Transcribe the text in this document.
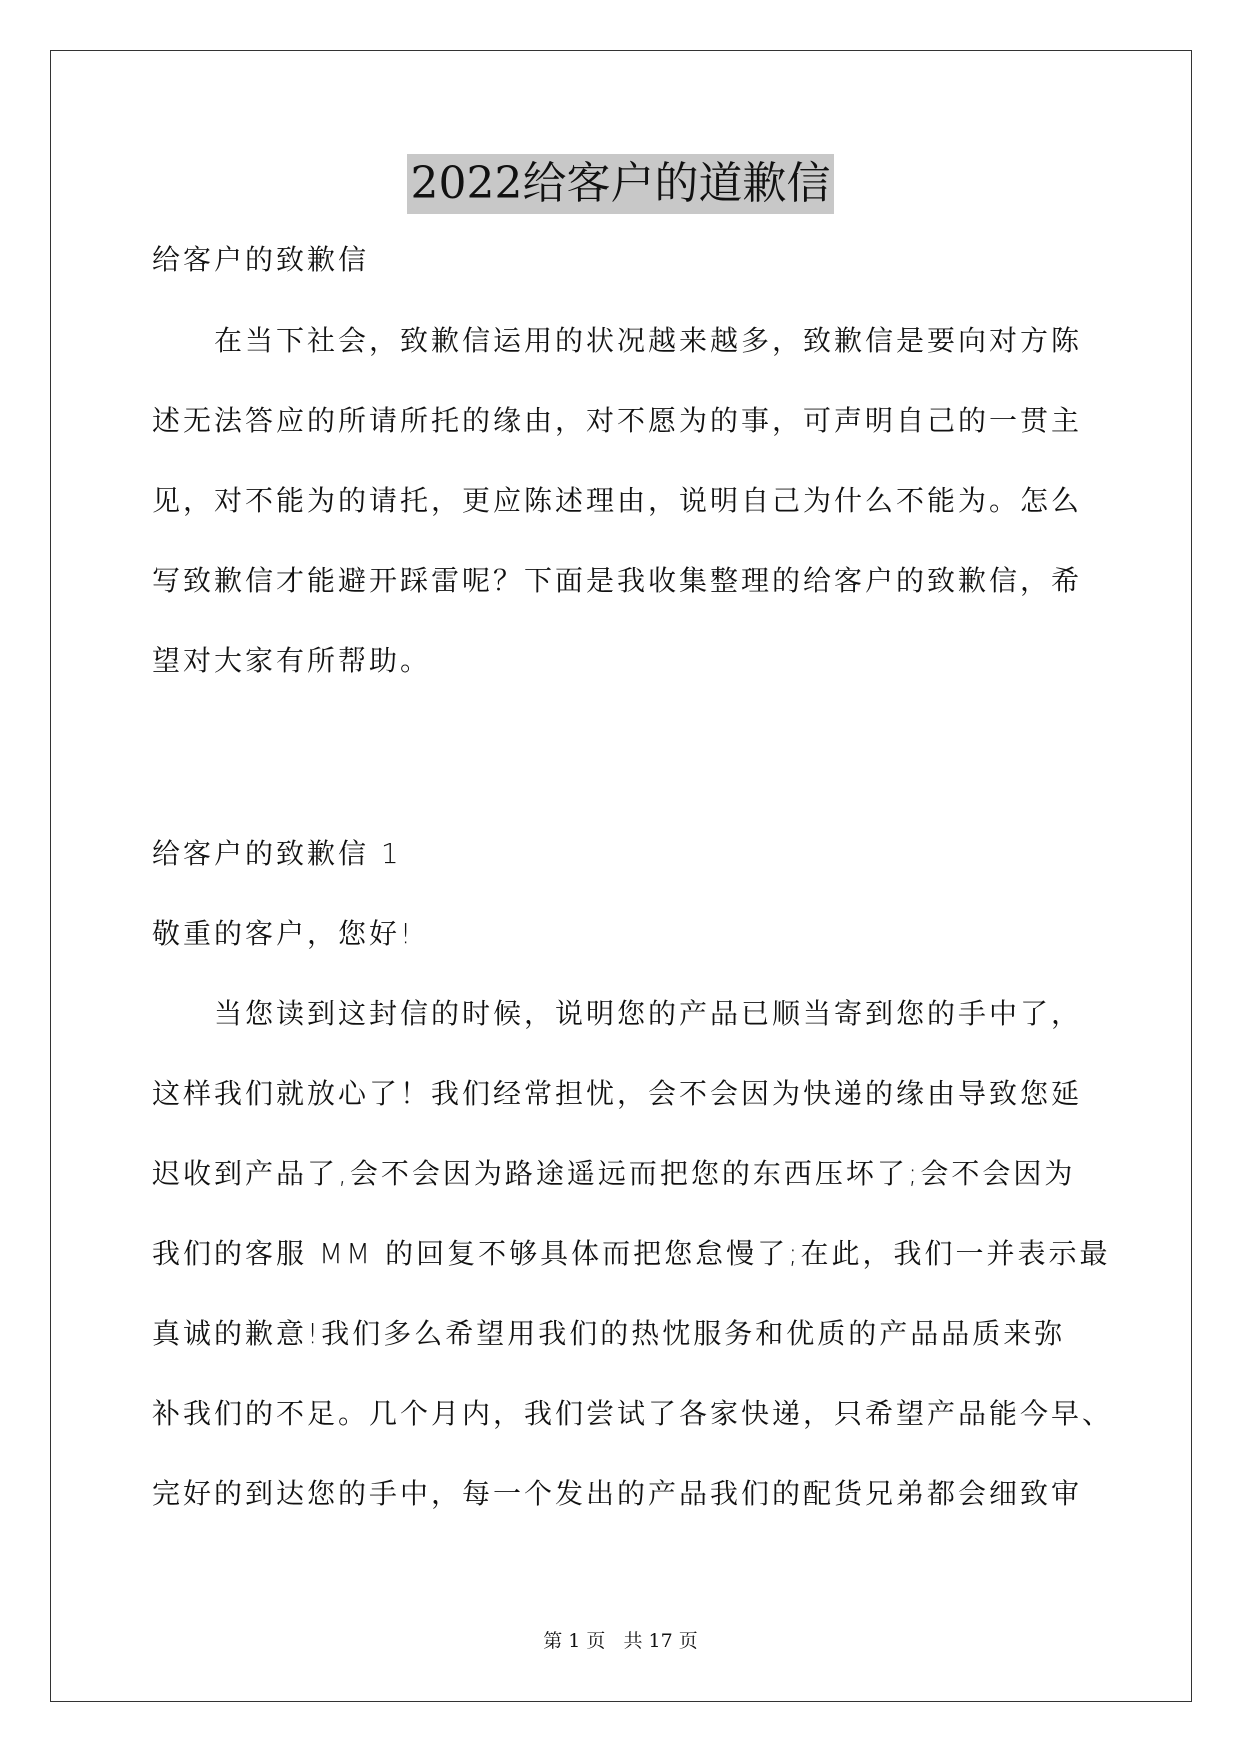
2022给客户的道歉信
给客户的致歉信
　　在当下社会，致歉信运用的状况越来越多，致歉信是要向对方陈
述无法答应的所请所托的缘由，对不愿为的事，可声明自己的一贯主
见，对不能为的请托，更应陈述理由，说明自己为什么不能为。怎么
写致歉信才能避开踩雷呢？下面是我收集整理的给客户的致歉信，希
望对大家有所帮助。
给客户的致歉信 1
敬重的客户，您好!
　　当您读到这封信的时候，说明您的产品已顺当寄到您的手中了，
这样我们就放心了！我们经常担忧，会不会因为快递的缘由导致您延
迟收到产品了,会不会因为路途遥远而把您的东西压坏了;会不会因为
我们的客服 MM 的回复不够具体而把您怠慢了;在此，我们一并表示最
真诚的歉意!我们多么希望用我们的热忱服务和优质的产品品质来弥
补我们的不足。几个月内，我们尝试了各家快递，只希望产品能今早、
完好的到达您的手中，每一个发出的产品我们的配货兄弟都会细致审
第 1 页 共 17 页
